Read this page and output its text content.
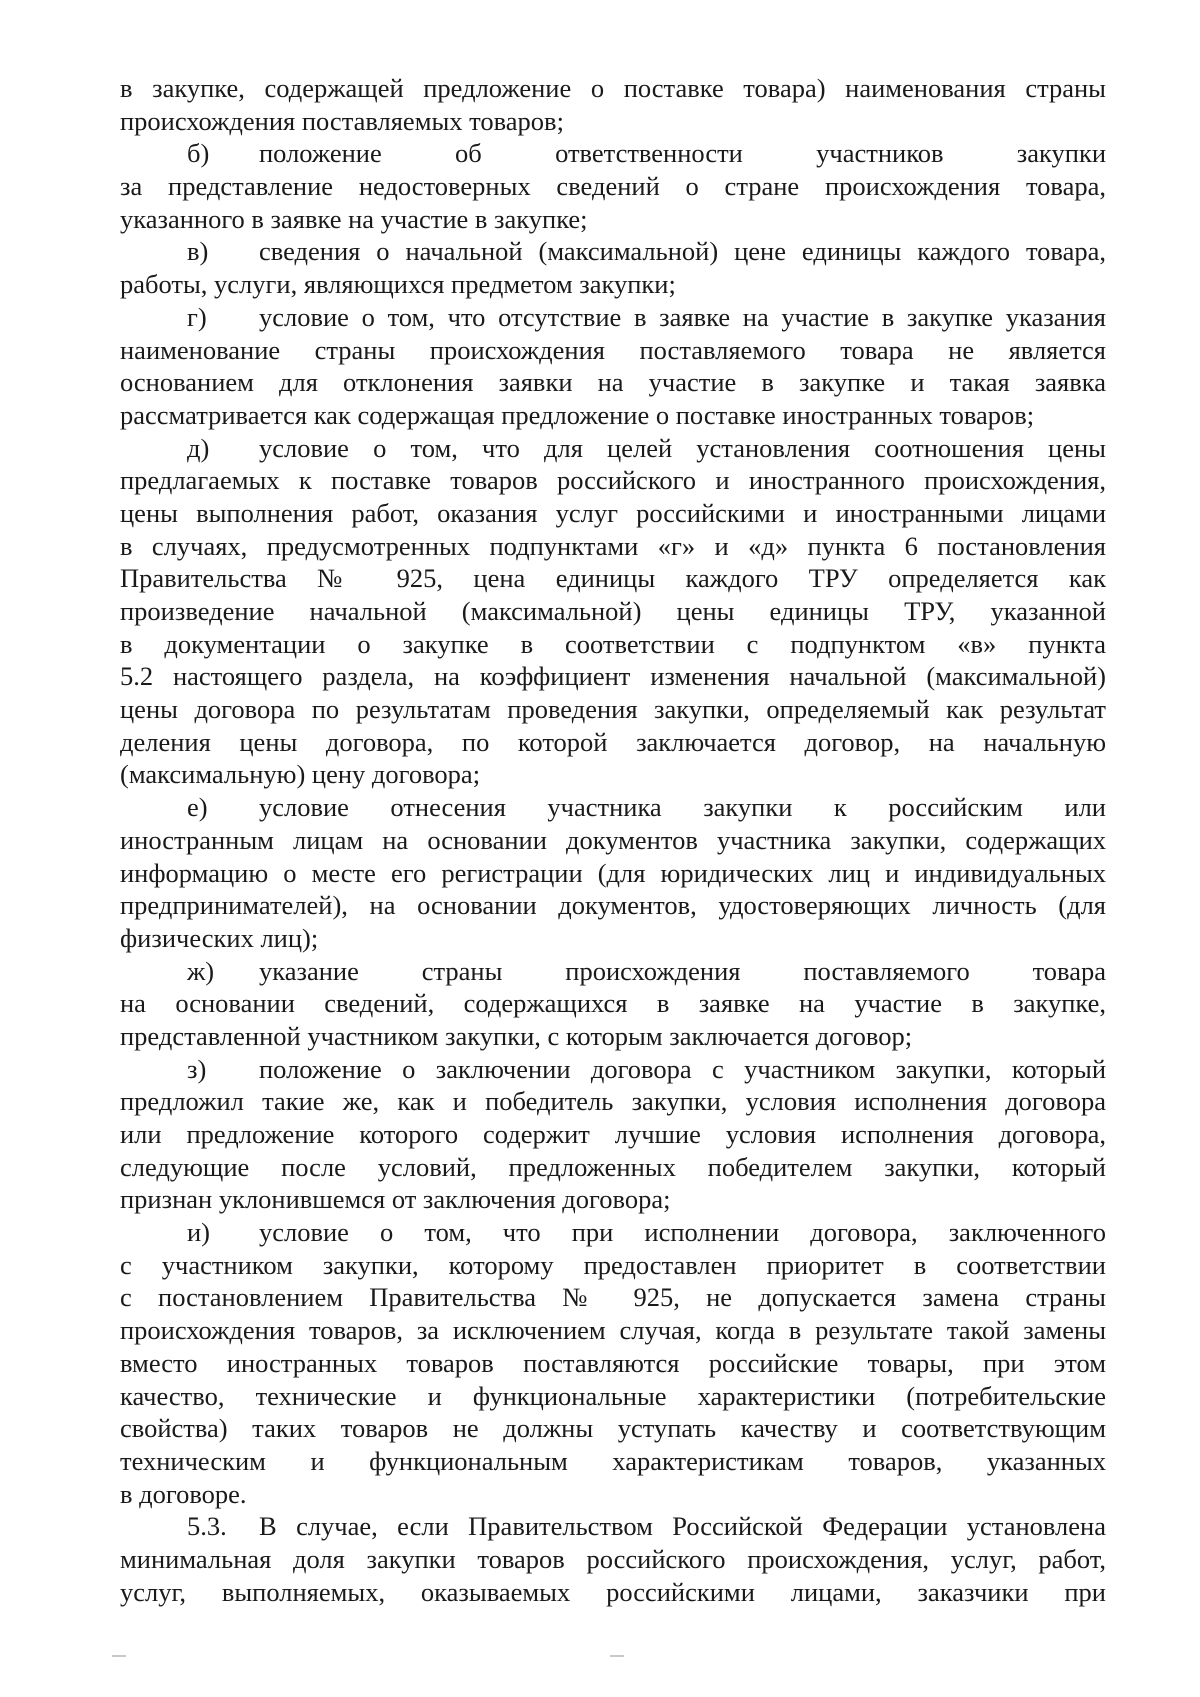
в закупке, содержащей предложение о поставке товара) наименования страны
происхождения поставляемых товаров;
б) положение об ответственности участников закупки
за представление недостоверных сведений о стране происхождения товара,
указанного в заявке на участие в закупке;
в) сведения о начальной (максимальной) цене единицы каждого товара,
работы, услуги, являющихся предметом закупки;
г) условие о том, что отсутствие в заявке на участие в закупке указания
наименование страны происхождения поставляемого товара не является
основанием для отклонения заявки на участие в закупке и такая заявка
рассматривается как содержащая предложение о поставке иностранных товаров;
д) условие о том, что для целей установления соотношения цены
предлагаемых к поставке товаров российского и иностранного происхождения,
цены выполнения работ, оказания услуг российскими и иностранными лицами
в случаях, предусмотренных подпунктами «г» и «д» пункта 6 постановления
Правительства № 925, цена единицы каждого ТРУ определяется как
произведение начальной (максимальной) цены единицы ТРУ, указанной
в документации о закупке в соответствии с подпунктом «в» пункта
5.2 настоящего раздела, на коэффициент изменения начальной (максимальной)
цены договора по результатам проведения закупки, определяемый как результат
деления цены договора, по которой заключается договор, на начальную
(максимальную) цену договора;
е) условие отнесения участника закупки к российским или
иностранным лицам на основании документов участника закупки, содержащих
информацию о месте его регистрации (для юридических лиц и индивидуальных
предпринимателей), на основании документов, удостоверяющих личность (для
физических лиц);
ж) указание страны происхождения поставляемого товара
на основании сведений, содержащихся в заявке на участие в закупке,
представленной участником закупки, с которым заключается договор;
з) положение о заключении договора с участником закупки, который
предложил такие же, как и победитель закупки, условия исполнения договора
или предложение которого содержит лучшие условия исполнения договора,
следующие после условий, предложенных победителем закупки, который
признан уклонившемся от заключения договора;
и) условие о том, что при исполнении договора, заключенного
с участником закупки, которому предоставлен приоритет в соответствии
с постановлением Правительства № 925, не допускается замена страны
происхождения товаров, за исключением случая, когда в результате такой замены
вместо иностранных товаров поставляются российские товары, при этом
качество, технические и функциональные характеристики (потребительские
свойства) таких товаров не должны уступать качеству и соответствующим
техническим и функциональным характеристикам товаров, указанных
в договоре.
5.3. В случае, если Правительством Российской Федерации установлена
минимальная доля закупки товаров российского происхождения, услуг, работ,
услуг, выполняемых, оказываемых российскими лицами, заказчики при
